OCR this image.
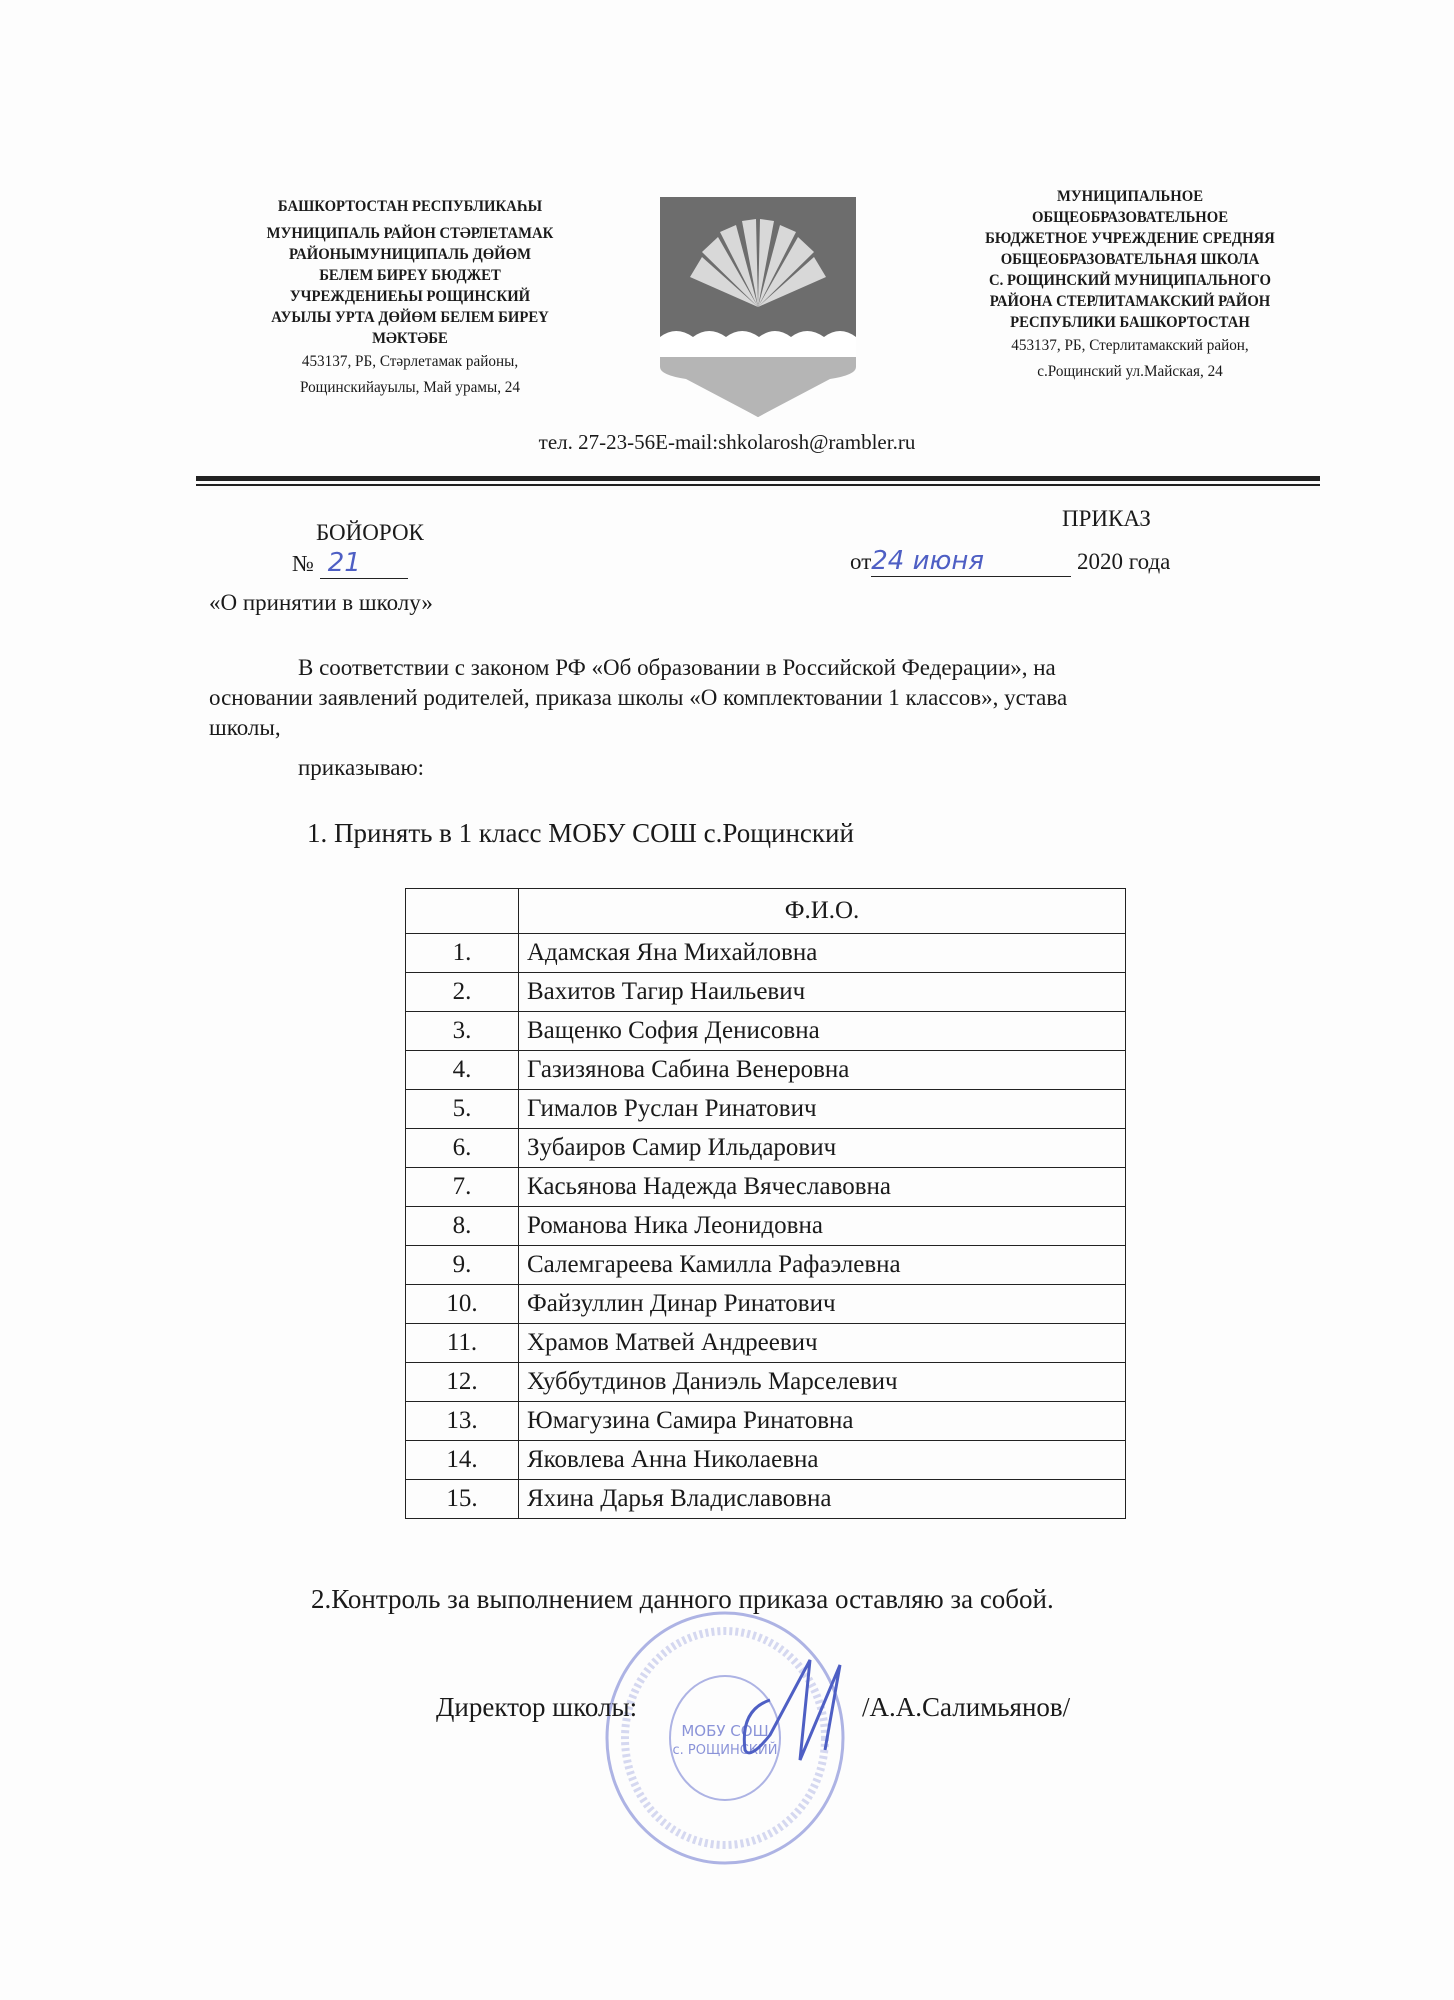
БАШКОРТОСТАН РЕСПУБЛИКАҺЫ
МУНИЦИПАЛЬ РАЙОН СТӘРЛЕТАМАК
РАЙОНЫМУНИЦИПАЛЬ ДӨЙӨМ
БЕЛЕМ БИРЕҮ БЮДЖЕТ
УЧРЕЖДЕНИЕҺЫ РОЩИНСКИЙ
АУЫЛЫ УРТА ДӨЙӨМ БЕЛЕМ БИРЕҮ
МӘКТӘБЕ
453137, РБ, Стәрлетамак районы,
Рощинскийауылы, Май урамы, 24
МУНИЦИПАЛЬНОЕ
ОБЩЕОБРАЗОВАТЕЛЬНОЕ
БЮДЖЕТНОЕ УЧРЕЖДЕНИЕ СРЕДНЯЯ
ОБЩЕОБРАЗОВАТЕЛЬНАЯ ШКОЛА
С. РОЩИНСКИЙ МУНИЦИПАЛЬНОГО
РАЙОНА СТЕРЛИТАМАКСКИЙ РАЙОН
РЕСПУБЛИКИ БАШКОРТОСТАН
453137, РБ, Стерлитамакский район,
с.Рощинский ул.Майская, 24
тел. 27-23-56E-mail:shkolarosh@rambler.ru
БОЙОРОК
ПРИКАЗ
№ 21	от24 июня	2020 года
«О принятии в школу»
В соответствии с законом РФ «Об образовании в Российской Федерации», на
основании заявлений родителей, приказа школы «О комплектовании 1 классов», устава
школы,
приказываю:
1. Принять в 1 класс МОБУ СОШ с.Рощинский
	Ф.И.О.
1.	Адамская Яна Михайловна
2.	Вахитов Тагир Наильевич
3.	Ващенко София Денисовна
4.	Газизянова Сабина Венеровна
5.	Гималов Руслан Ринатович
6.	Зубаиров Самир Ильдарович
7.	Касьянова Надежда Вячеславовна
8.	Романова Ника Леонидовна
9.	Салемгареева Камилла Рафаэлевна
10.	Файзуллин Динар Ринатович
11.	Храмов Матвей Андреевич
12.	Хуббутдинов Даниэль Марселевич
13.	Юмагузина Самира Ринатовна
14.	Яковлева Анна Николаевна
15.	Яхина Дарья Владиславовна
2.Контроль за выполнением данного приказа оставляю за собой.
МОБУ СОШ
с. РОЩИНСКИЙ
Директор школы:	/А.А.Салимьянов/
